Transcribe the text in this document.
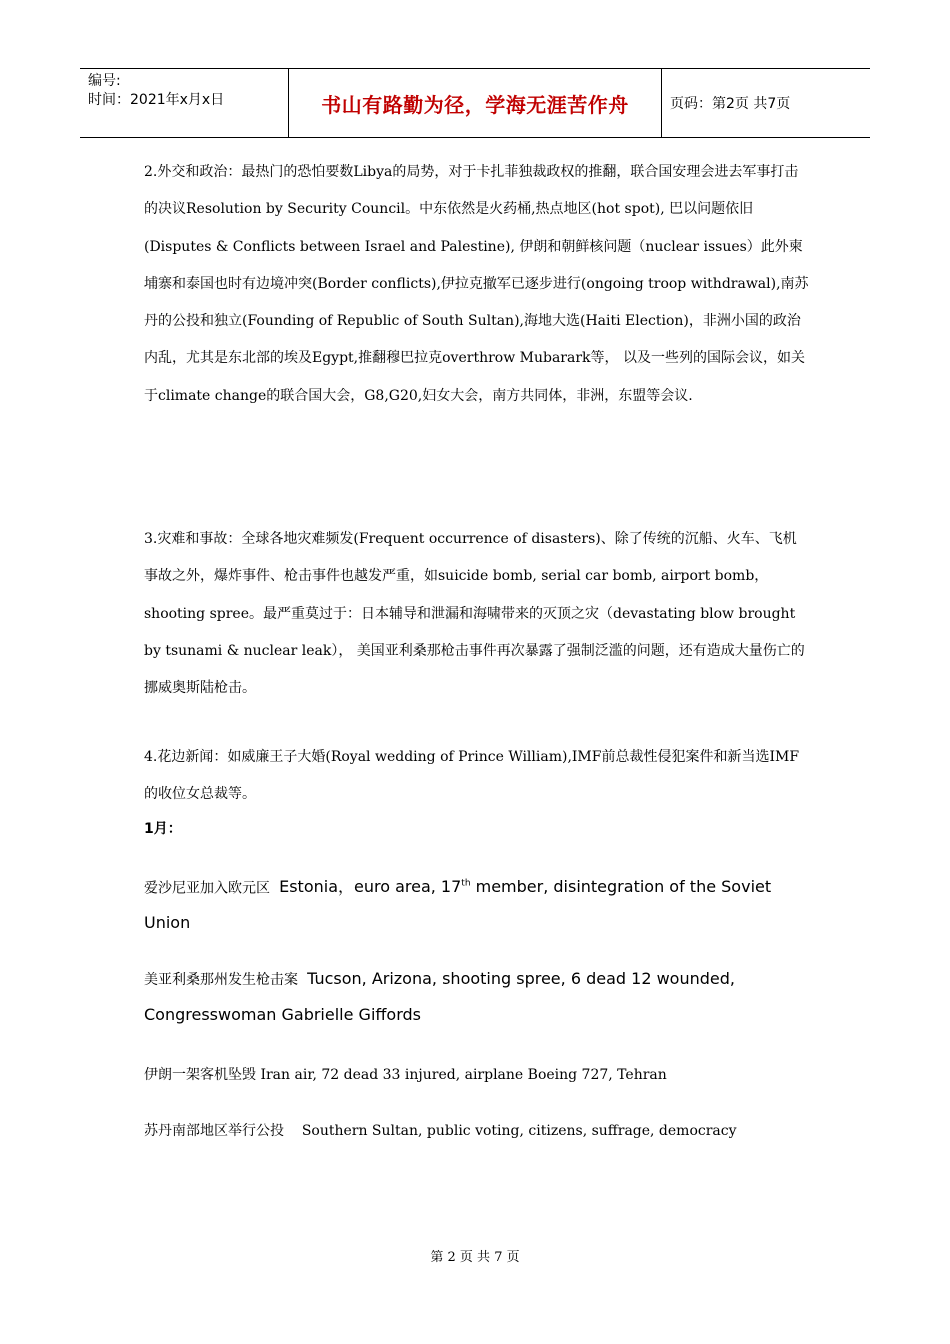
编号:
时间：2021年x月x日	书山有路勤为径，学海无涯苦作舟	页码：第2页 共7页

2.外交和政治：最热门的恐怕要数Libya的局势，对于卡扎菲独裁政权的推翻，联合国安理会进去军事打击的决议Resolution by Security Council。中东依然是火药桶,热点地区(hot spot), 巴以问题依旧(Disputes & Conflicts between Israel and Palestine), 伊朗和朝鲜核问题（nuclear issues）此外柬埔寨和泰国也时有边境冲突(Border conflicts),伊拉克撤军已逐步进行(ongoing troop withdrawal),南苏丹的公投和独立(Founding of Republic of South Sultan),海地大选(Haiti Election)，非洲小国的政治内乱，尤其是东北部的埃及Egypt,推翻穆巴拉克overthrow Mubarark等， 以及一些列的国际会议，如关于climate change的联合国大会，G8,G20,妇女大会，南方共同体，非洲，东盟等会议.

3.灾难和事故：全球各地灾难频发(Frequent occurrence of disasters)、除了传统的沉船、火车、飞机事故之外，爆炸事件、枪击事件也越发严重，如suicide bomb, serial car bomb, airport bomb，shooting spree。最严重莫过于：日本辅导和泄漏和海啸带来的灭顶之灾（devastating blow brought by tsunami & nuclear leak）， 美国亚利桑那枪击事件再次暴露了强制泛滥的问题，还有造成大量伤亡的挪威奥斯陆枪击。

4.花边新闻：如威廉王子大婚(Royal wedding of Prince William),IMF前总裁性侵犯案件和新当选IMF的收位女总裁等。

1月：

爱沙尼亚加入欧元区 Estonia，euro area, 17th member, disintegration of the Soviet Union

美亚利桑那州发生枪击案 Tucson, Arizona, shooting spree, 6 dead 12 wounded, Congresswoman Gabrielle Giffords

伊朗一架客机坠毁 Iran air, 72 dead 33 injured, airplane Boeing 727, Tehran

苏丹南部地区举行公投 Southern Sultan, public voting, citizens, suffrage, democracy

第 2 页 共 7 页
